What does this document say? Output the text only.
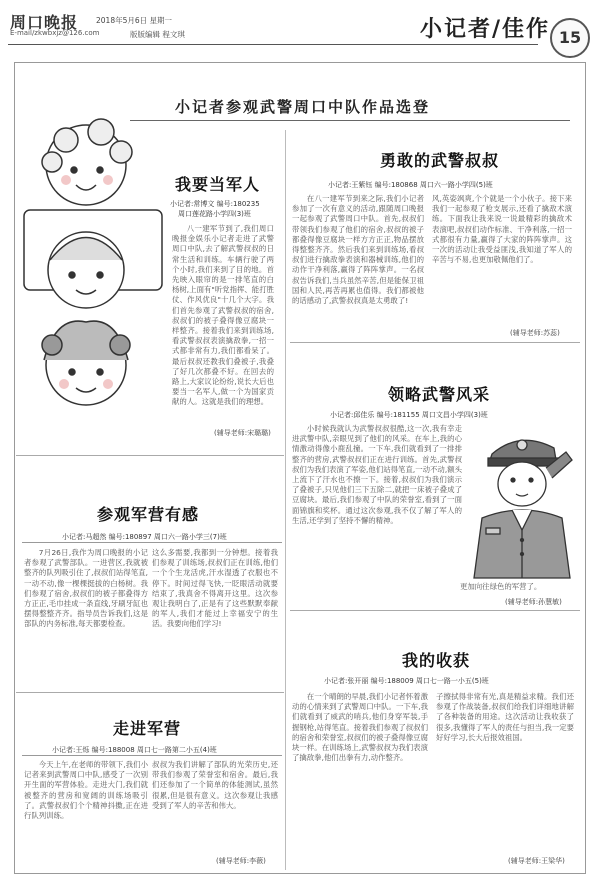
周口晚报 2018年5月6日 星期一
E-mail/zkwbxjz@126.com	版版编辑 程文琪	小记者/佳作 15
小记者参观武警周口中队作品选登
我要当军人
小记者:常博文 编号:180235
周口莲花路小学四(3)班
八一建军节到了,我们周口晚报金娱乐小记者走进了武警周口中队,去了解武警叔叔的日常生活和训练。车辆行驶了两个小时,我们来到了目的地。首先映入眼帘的是一排笔直的白杨树,上面有"听党指挥、能打胜仗、作风优良"十几个大字。我们首先参观了武警叔叔的宿舍,叔叔们的被子叠得像豆腐块一样整齐。接着我们来到训练场,看武警叔叔表演擒敌拳,一招一式都非常有力,我们都看呆了。最后叔叔还教我们叠被子,我叠了好几次都叠不好。在回去的路上,大家议论纷纷,说长大后也要当一名军人,做一个为国家贡献的人。这就是我们的理想。
(辅导老师:宋璐璐)
勇敢的武警叔叔
小记者:王紫钰 编号:180868 周口六一路小学四(5)班
在八一建军节到来之际,我们小记者参加了一次有意义的活动,跟随周口晚报一起参观了武警周口中队。首先,叔叔们带领我们参观了他们的宿舍,叔叔的被子都叠得像豆腐块一样方方正正,物品摆放得整整齐齐。然后我们来到训练场,看叔叔们进行擒敌拳表演和器械训练,他们的动作干净利落,赢得了阵阵掌声。一名叔叔告诉我们,当兵虽然辛苦,但是能保卫祖国和人民,再苦再累也值得。我们都被他的话感动了,武警叔叔真是太勇敢了!
风,英姿飒爽,个个就是一个小伙子。接下来我们一起参观了枪支展示,还看了擒敌术演练。下面我让我来说一说最精彩的擒敌术表演吧,叔叔们动作标准、干净利落,一招一式都很有力量,赢得了大家的阵阵掌声。这一次的活动让我受益匪浅,我知道了军人的辛苦与不易,也更加敬佩他们了。
(辅导老师:苏蕊)
领略武警风采
小记者:邱佳乐 编号:181155 周口文昌小学四(3)班
小时候我就认为武警叔叔很酷,这一次,我有幸走进武警中队,亲眼见到了他们的风采。在车上,我的心情激动得像小鹿乱撞。一下车,我们就看到了一排排整齐的营房,武警叔叔们正在进行训练。首先,武警叔叔们为我们表演了军姿,他们站得笔直,一动不动,额头上流下了汗水也不擦一下。接着,叔叔们为我们演示了叠被子,只见他们三下五除二,就把一床被子叠成了豆腐块。最后,我们参观了中队的荣誉室,看到了一面面锦旗和奖杯。通过这次参观,我不仅了解了军人的生活,还学到了坚持不懈的精神。
更加向往绿色的军营了。
(辅导老师:孙慧敏)
参观军营有感
小记者:马超然 编号:180897 周口六一路小学三(7)班
7月26日,我作为周口晚报的小记者参观了武警部队。一进营区,我就被整齐的队列吸引住了,叔叔们站得笔直,一动不动,像一棵棵挺拔的白杨树。我们参观了宿舍,叔叔们的被子都叠得方方正正,毛巾挂成一条直线,牙刷牙缸也摆得整整齐齐。指导员告诉我们,这是部队的内务标准,每天都要检查。
这么多需要,我都到一分钟想。接着我们参观了训练场,叔叔们正在训练,他们一个个生龙活虎,汗水湿透了衣服也不停下。时间过得飞快,一眨眼活动就要结束了,我真舍不得离开这里。这次参观让我明白了,正是有了这些默默奉献的军人,我们才能过上幸福安宁的生活。我要向他们学习!
走进军营
小记者:王烁 编号:188008 周口七一路第二小五(4)班
今天上午,在老师的带领下,我们小记者来到武警周口中队,感受了一次别开生面的军营体验。走进大门,我们就被整齐的营房和宽阔的训练场吸引了。武警叔叔们个个精神抖擞,正在进行队列训练。
叔叔为我们讲解了部队的光荣历史,还带我们参观了荣誉室和宿舍。最后,我们还参加了一个简单的体能测试,虽然很累,但是很有意义。这次参观让我感受到了军人的辛苦和伟大。
(辅导老师:李薇)
我的收获
小记者:张开丽 编号:188009 周口七一路一小五(5)班
在一个晴朗的早晨,我们小记者怀着激动的心情来到了武警周口中队。一下车,我们就看到了威武的哨兵,他们身穿军装,手握钢枪,站得笔直。接着我们参观了叔叔们的宿舍和荣誉室,叔叔们的被子叠得像豆腐块一样。在训练场上,武警叔叔为我们表演了擒敌拳,他们出拳有力,动作整齐。
子擦拭得非常有光,真是精益求精。我们还参观了作战装备,叔叔们给我们详细地讲解了各种装备的用途。这次活动让我收获了很多,我懂得了军人的责任与担当,我一定要好好学习,长大后报效祖国。
(辅导老师:王梁华)
